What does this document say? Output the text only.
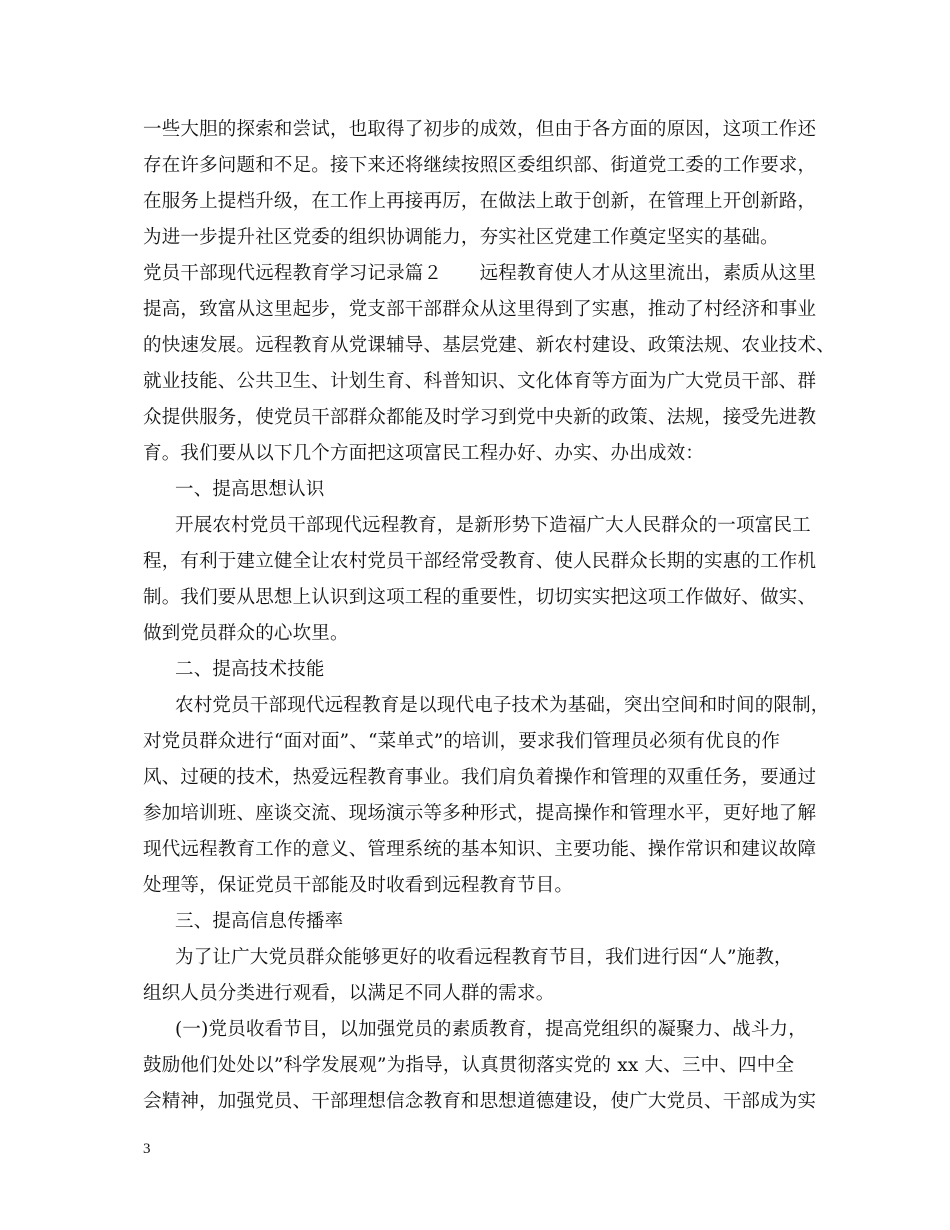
一些大胆的探索和尝试，也取得了初步的成效，但由于各方面的原因，这项工作还
存在许多问题和不足。接下来还将继续按照区委组织部、街道党工委的工作要求，
在服务上提档升级，在工作上再接再厉，在做法上敢于创新，在管理上开创新路，
为进一步提升社区党委的组织协调能力，夯实社区党建工作奠定坚实的基础。
党员干部现代远程教育学习记录篇２　　远程教育使人才从这里流出，素质从这里
提高，致富从这里起步，党支部干部群众从这里得到了实惠，推动了村经济和事业
的快速发展。远程教育从党课辅导、基层党建、新农村建设、政策法规、农业技术、
就业技能、公共卫生、计划生育、科普知识、文化体育等方面为广大党员干部、群
众提供服务，使党员干部群众都能及时学习到党中央新的政策、法规，接受先进教
育。我们要从以下几个方面把这项富民工程办好、办实、办出成效：
一、提高思想认识
开展农村党员干部现代远程教育，是新形势下造福广大人民群众的一项富民工
程，有利于建立健全让农村党员干部经常受教育、使人民群众长期的实惠的工作机
制。我们要从思想上认识到这项工程的重要性，切切实实把这项工作做好、做实、
做到党员群众的心坎里。
二、提高技术技能
农村党员干部现代远程教育是以现代电子技术为基础，突出空间和时间的限制，
对党员群众进行“面对面”、“菜单式”的培训，要求我们管理员必须有优良的作
风、过硬的技术，热爱远程教育事业。我们肩负着操作和管理的双重任务，要通过
参加培训班、座谈交流、现场演示等多种形式，提高操作和管理水平，更好地了解
现代远程教育工作的意义、管理系统的基本知识、主要功能、操作常识和建议故障
处理等，保证党员干部能及时收看到远程教育节目。
三、提高信息传播率
为了让广大党员群众能够更好的收看远程教育节目，我们进行因“人”施教，
组织人员分类进行观看，以满足不同人群的需求。
(一)党员收看节目，以加强党员的素质教育，提高党组织的凝聚力、战斗力，
鼓励他们处处以”科学发展观”为指导，认真贯彻落实党的 xx 大、三中、四中全
会精神，加强党员、干部理想信念教育和思想道德建设，使广大党员、干部成为实
3
